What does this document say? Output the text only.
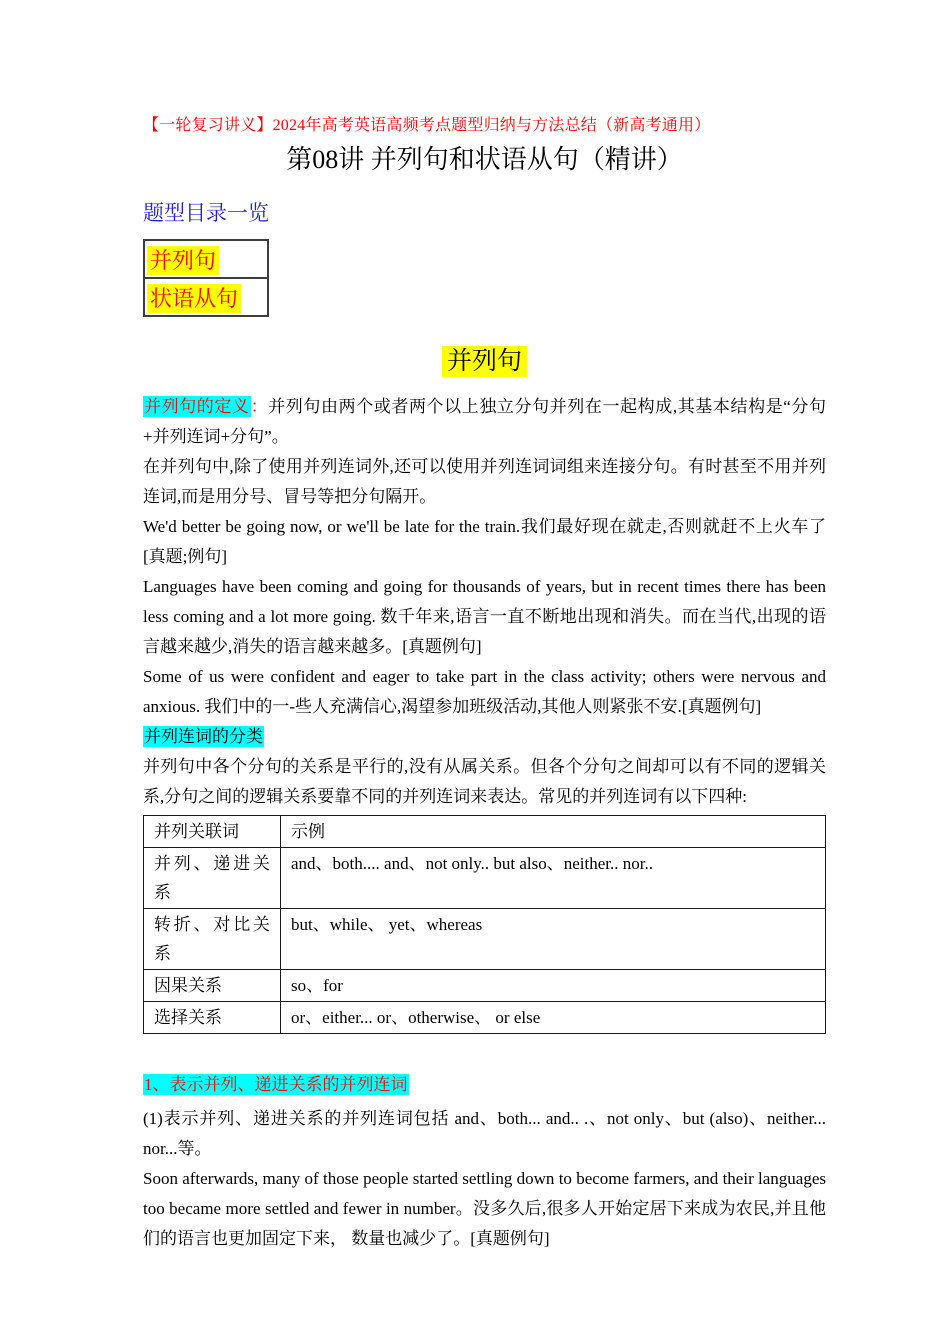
【一轮复习讲义】2024年高考英语高频考点题型归纳与方法总结（新高考通用）
第08讲 并列句和状语从句（精讲）
题型目录一览
并列句
状语从句
并列句

并列句的定义：并列句由两个或者两个以上独立分句并列在一起构成,其基本结构是“分句+并列连词+分句”。

在并列句中,除了使用并列连词外,还可以使用并列连词词组来连接分句。有时甚至不用并列连词,而是用分号、冒号等把分句隔开。

We'd better be going now, or we'll be late for the train.我们最好现在就走,否则就赶不上火车了[真题;例句]

Languages have been coming and going for thousands of years, but in recent times there has been less coming and a lot more going. 数千年来,语言一直不断地出现和消失。而在当代,出现的语言越来越少,消失的语言越来越多。[真题例句]

Some of us were confident and eager to take part in the class activity; others were nervous and anxious. 我们中的一-些人充满信心,渴望参加班级活动,其他人则紧张不安.[真题例句]

并列连词的分类

并列句中各个分句的关系是平行的,没有从属关系。但各个分句之间却可以有不同的逻辑关系,分句之间的逻辑关系要靠不同的并列连词来表达。常见的并列连词有以下四种:

并列关联词	示例
并列、递进关系	and、both.... and、not only.. but also、neither.. nor..
转折、对比关系	but、while、 yet、whereas
因果关系	so、for
选择关系	or、either... or、otherwise、 or else
1、表示并列、递进关系的并列连词

(1)表示并列、递进关系的并列连词包括 and、both... and.. .、not only、but (also)、neither... nor...等。

Soon afterwards, many of those people started settling down to become farmers, and their languages too became more settled and fewer in number。没多久后,很多人开始定居下来成为农民,并且他们的语言也更加固定下来， 数量也减少了。[真题例句]
